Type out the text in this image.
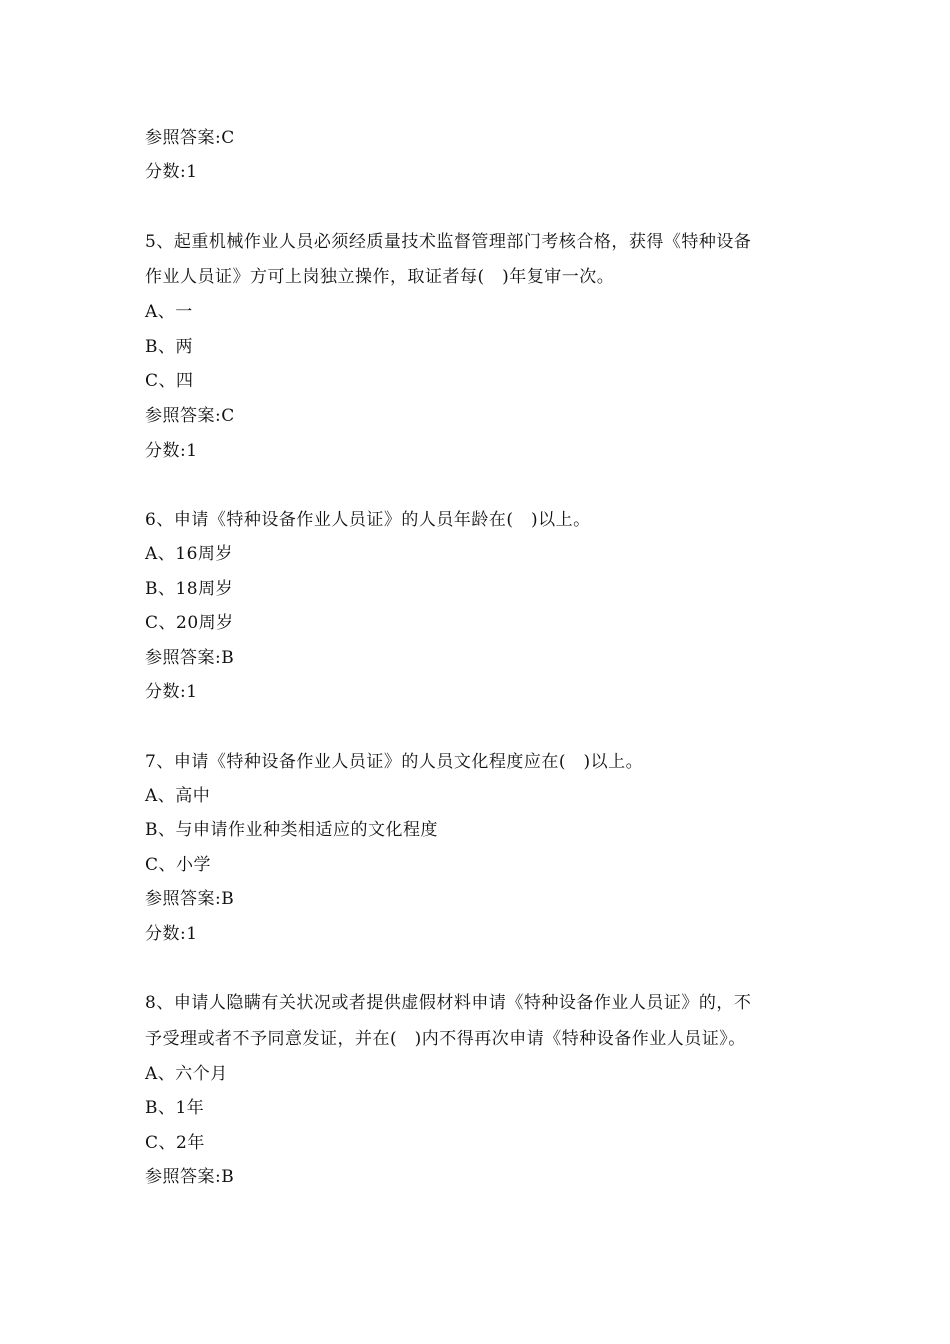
参照答案:C
分数:1
5、起重机械作业人员必须经质量技术监督管理部门考核合格，获得《特种设备
作业人员证》方可上岗独立操作，取证者每(　)年复审一次。
A、一
B、两
C、四
参照答案:C
分数:1
6、申请《特种设备作业人员证》的人员年龄在(　)以上。
A、16周岁
B、18周岁
C、20周岁
参照答案:B
分数:1
7、申请《特种设备作业人员证》的人员文化程度应在(　)以上。
A、高中
B、与申请作业种类相适应的文化程度
C、小学
参照答案:B
分数:1
8、申请人隐瞒有关状况或者提供虚假材料申请《特种设备作业人员证》的，不
予受理或者不予同意发证，并在(　)内不得再次申请《特种设备作业人员证》。
A、六个月
B、1年
C、2年
参照答案:B
